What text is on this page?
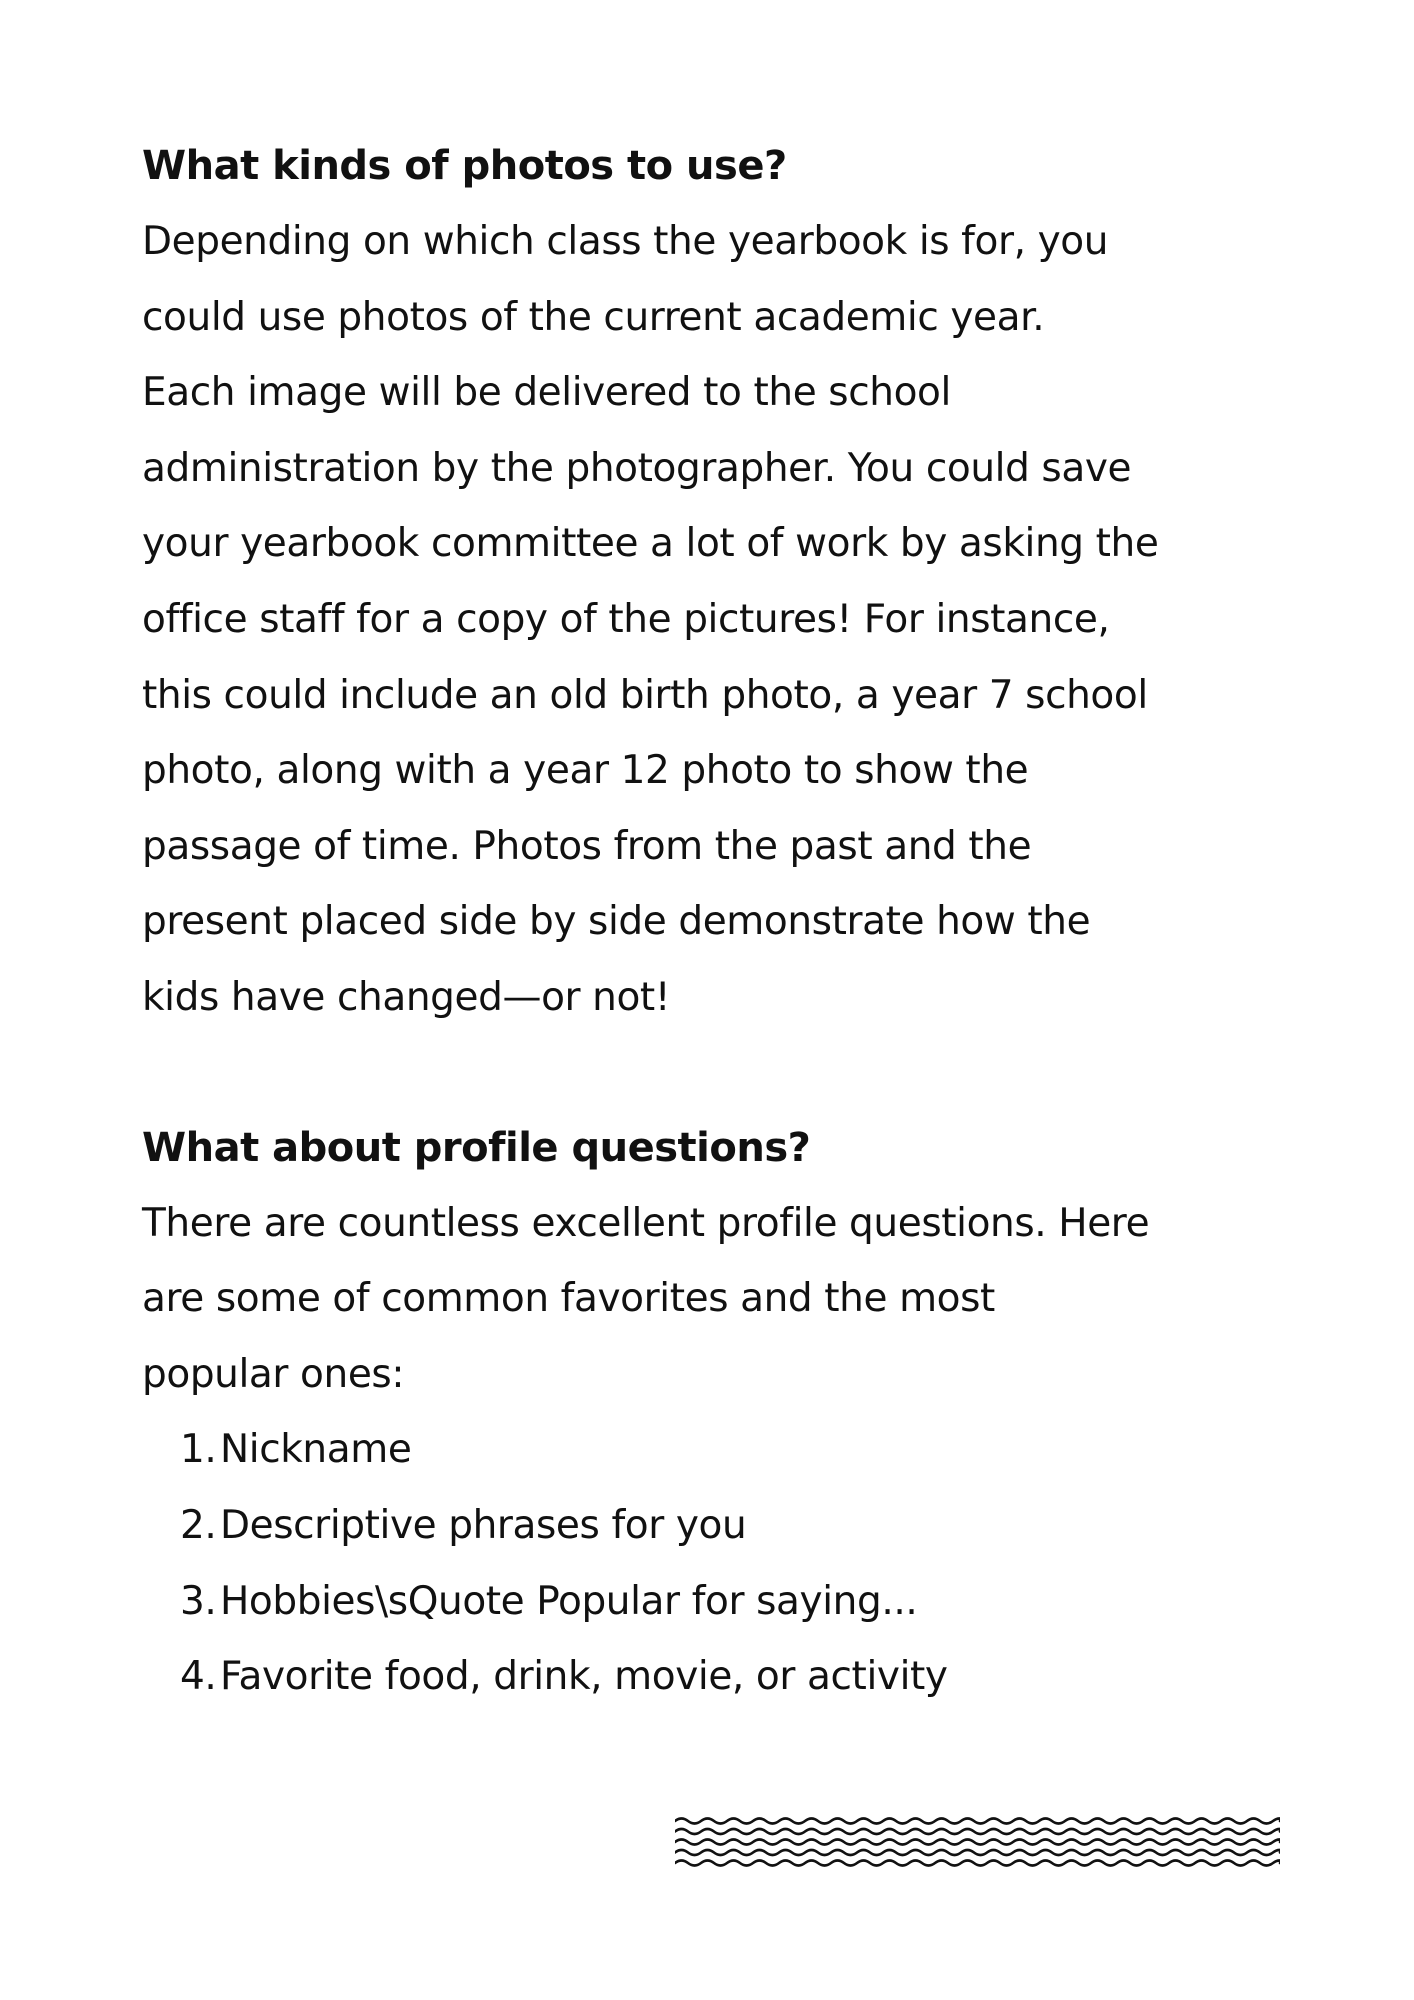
What kinds of photos to use?

Depending on which class the yearbook is for, you

could use photos of the current academic year.

Each image will be delivered to the school

administration by the photographer. You could save

your yearbook committee a lot of work by asking the

office staff for a copy of the pictures! For instance,

this could include an old birth photo, a year 7 school

photo, along with a year 12 photo to show the

passage of time. Photos from the past and the

present placed side by side demonstrate how the

kids have changed—or not!

What about profile questions?

There are countless excellent profile questions. Here

are some of common favorites and the most

popular ones:

1. Nickname
2. Descriptive phrases for you
3. Hobbies\sQuote Popular for saying...
4. Favorite food, drink, movie, or activity
